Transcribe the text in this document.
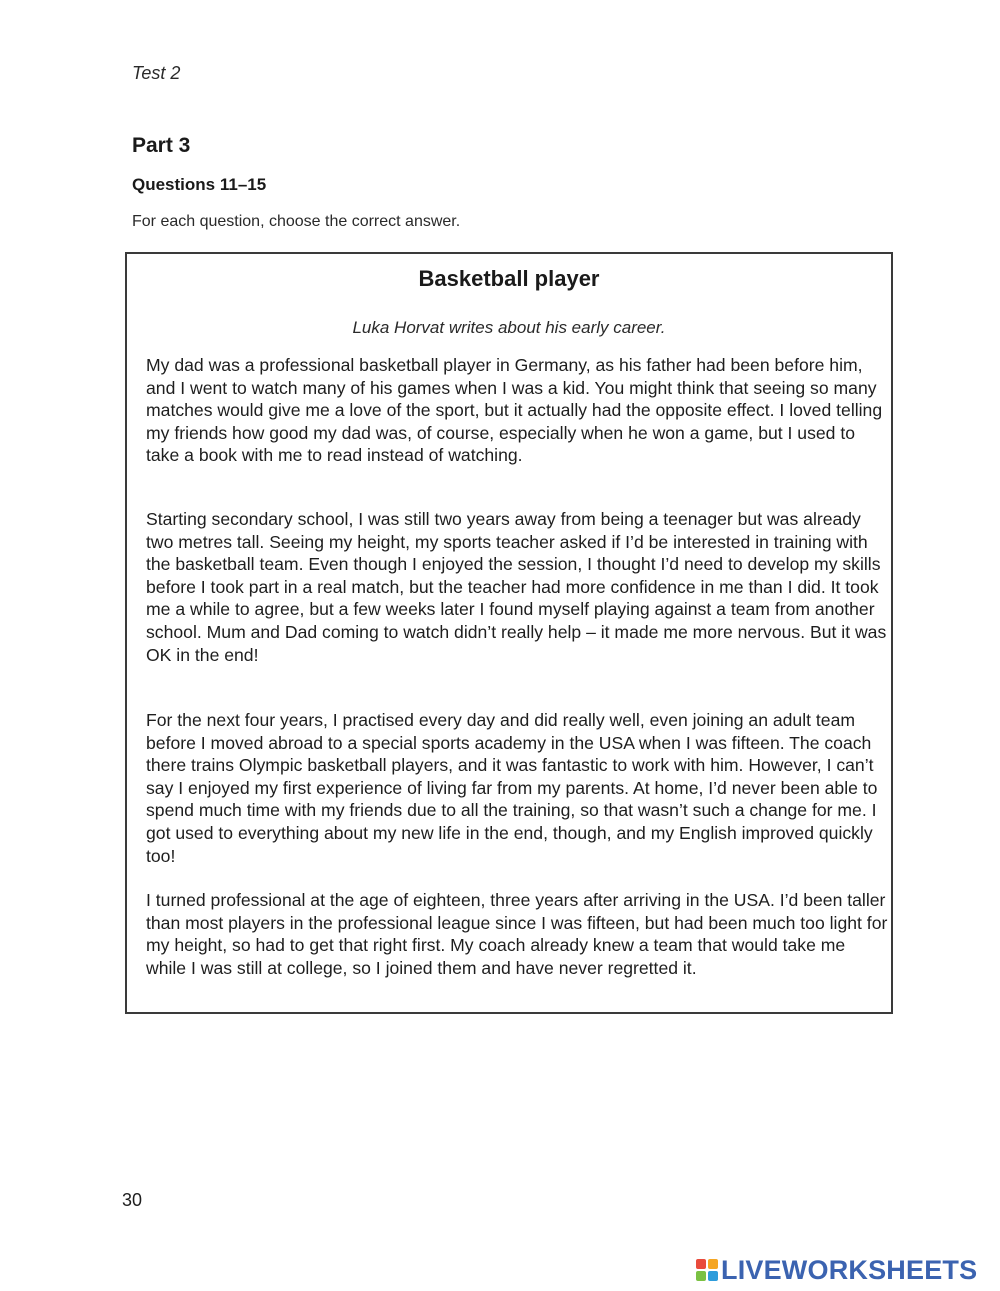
Test 2
Part 3
Questions 11–15
For each question, choose the correct answer.
Basketball player
Luka Horvat writes about his early career.

My dad was a professional basketball player in Germany, as his father had been before him, and I went to watch many of his games when I was a kid. You might think that seeing so many matches would give me a love of the sport, but it actually had the opposite effect. I loved telling my friends how good my dad was, of course, especially when he won a game, but I used to take a book with me to read instead of watching.

Starting secondary school, I was still two years away from being a teenager but was already two metres tall. Seeing my height, my sports teacher asked if I’d be interested in training with the basketball team. Even though I enjoyed the session, I thought I’d need to develop my skills before I took part in a real match, but the teacher had more confidence in me than I did. It took me a while to agree, but a few weeks later I found myself playing against a team from another school. Mum and Dad coming to watch didn’t really help – it made me more nervous. But it was OK in the end!

For the next four years, I practised every day and did really well, even joining an adult team before I moved abroad to a special sports academy in the USA when I was fifteen. The coach there trains Olympic basketball players, and it was fantastic to work with him. However, I can’t say I enjoyed my first experience of living far from my parents. At home, I’d never been able to spend much time with my friends due to all the training, so that wasn’t such a change for me. I got used to everything about my new life in the end, though, and my English improved quickly too!

I turned professional at the age of eighteen, three years after arriving in the USA. I’d been taller than most players in the professional league since I was fifteen, but had been much too light for my height, so had to get that right first. My coach already knew a team that would take me while I was still at college, so I joined them and have never regretted it.

30
LIVEWORKSHEETS
